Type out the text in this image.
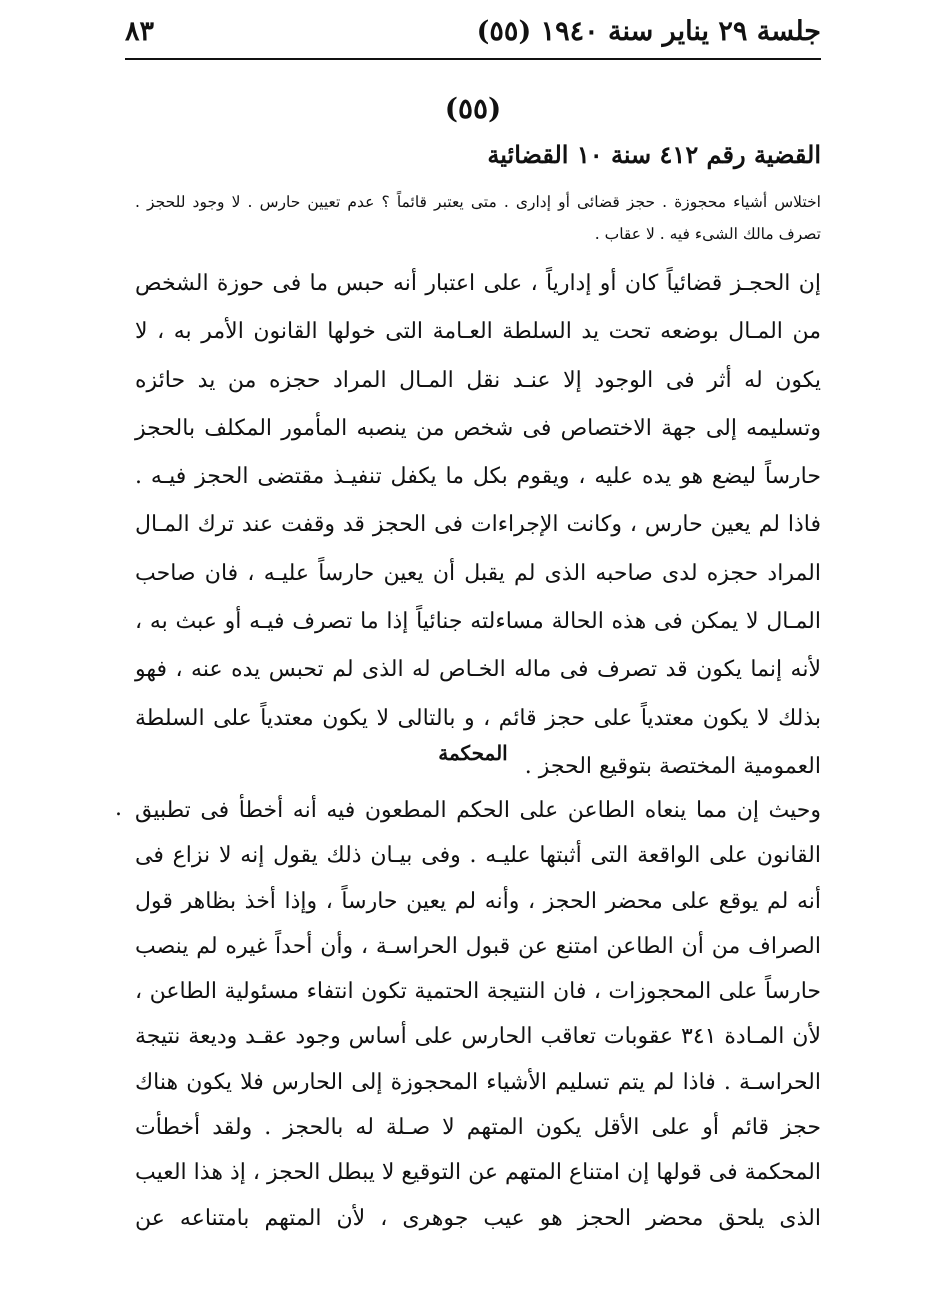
جلسة ٢٩ يناير سنة ١٩٤٠ (٥٥)
٨٣
(٥٥)
القضية رقم ٤١٢ سنة ١٠ القضائية
اختلاس أشياء محجوزة . حجز قضائى أو إدارى . متى يعتبر قائماً ؟ عدم تعيين حارس . لا وجود للحجز . تصرف مالك الشىء فيه . لا عقاب .
إن الحجـز قضائياً كان أو إدارياً ، على اعتبار أنه حبس ما فى حوزة الشخص من المـال بوضعه تحت يد السلطة العـامة التى خولها القانون الأمر به ، لا يكون له أثر فى الوجود إلا عنـد نقل المـال المراد حجزه من يد حائزه وتسليمه إلى جهة الاختصاص فى شخص من ينصبه المأمور المكلف بالحجز حارساً ليضع هو يده عليه ، ويقوم بكل ما يكفل تنفيـذ مقتضى الحجز فيـه . فاذا لم يعين حارس ، وكانت الإجراءات فى الحجز قد وقفت عند ترك المـال المراد حجزه لدى صاحبه الذى لم يقبل أن يعين حارساً عليـه ، فان صاحب المـال لا يمكن فى هذه الحالة مساءلته جنائياً إذا ما تصرف فيـه أو عبث به ، لأنه إنما يكون قد تصرف فى ماله الخـاص له الذى لم تحبس يده عنه ، فهو بذلك لا يكون معتدياً على حجز قائم ، و بالتالى لا يكون معتدياً على السلطة العمومية المختصة بتوقيع الحجز .
المحكمة
. وحيث إن مما ينعاه الطاعن على الحكم المطعون فيه أنه أخطأ فى تطبيق القانون على الواقعة التى أثبتها عليـه . وفى بيـان ذلك يقول إنه لا نزاع فى أنه لم يوقع على محضر الحجز ، وأنه لم يعين حارساً ، وإذا أخذ بظاهر قول الصراف من أن الطاعن امتنع عن قبول الحراسـة ، وأن أحداً غيره لم ينصب حارساً على المحجوزات ، فان النتيجة الحتمية تكون انتفاء مسئولية الطاعن ، لأن المـادة ٣٤١ عقوبات تعاقب الحارس على أساس وجود عقـد وديعة نتيجة الحراسـة . فاذا لم يتم تسليم الأشياء المحجوزة إلى الحارس فلا يكون هناك حجز قائم أو على الأقل يكون المتهم لا صـلة له بالحجز . ولقد أخطأت المحكمة فى قولها إن امتناع المتهم عن التوقيع لا يبطل الحجز ، إذ هذا العيب الذى يلحق محضر الحجز هو عيب جوهرى ، لأن المتهم بامتناعه عن
